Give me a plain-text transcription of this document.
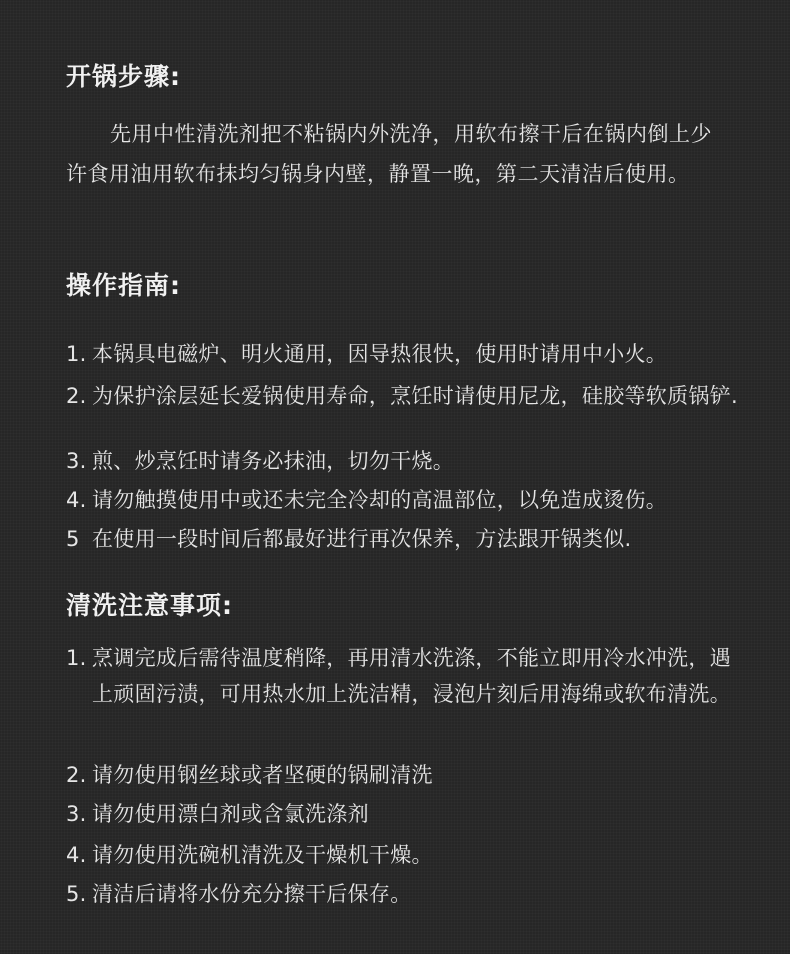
开锅步骤:
先用中性清洗剂把不粘锅内外洗净，用软布擦干后在锅内倒上少许食用油用软布抹均匀锅身内壁，静置一晚，第二天清洁后使用。
操作指南:
1. 本锅具电磁炉、明火通用，因导热很快，使用时请用中小火。
2. 为保护涂层延长爱锅使用寿命，烹饪时请使用尼龙，硅胶等软质锅铲.
3. 煎、炒烹饪时请务必抹油，切勿干烧。
4. 请勿触摸使用中或还未完全冷却的高温部位，以免造成烫伤。
5 在使用一段时间后都最好进行再次保养，方法跟开锅类似.
清洗注意事项:
1. 烹调完成后需待温度稍降，再用清水洗涤，不能立即用冷水冲洗，遇上顽固污渍，可用热水加上洗洁精，浸泡片刻后用海绵或软布清洗。
2. 请勿使用钢丝球或者坚硬的锅刷清洗
3. 请勿使用漂白剂或含氯洗涤剂
4. 请勿使用洗碗机清洗及干燥机干燥。
5. 清洁后请将水份充分擦干后保存。
